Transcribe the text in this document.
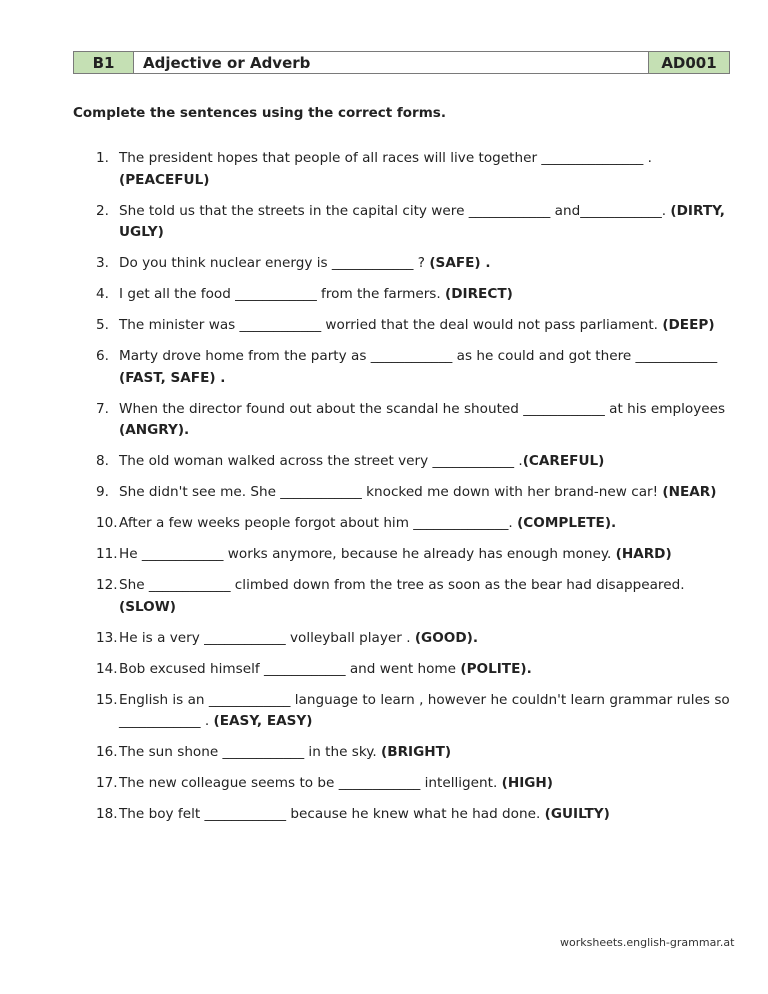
B1	Adjective or Adverb	AD001
Complete the sentences using the correct forms.
1. The president hopes that people of all races will live together _______________ . (PEACEFUL)
2. She told us that the streets in the capital city were ____________ and____________. (DIRTY, UGLY)
3. Do you think nuclear energy is ____________ ? (SAFE) .
4. I get all the food ____________ from the farmers. (DIRECT)
5. The minister was ____________ worried that the deal would not pass parliament. (DEEP)
6. Marty drove home from the party as ____________ as he could and got there ____________ (FAST, SAFE) .
7. When the director found out about the scandal he shouted ____________ at his employees (ANGRY).
8. The old woman walked across the street very ____________ .(CAREFUL)
9. She didn't see me. She ____________ knocked me down with her brand-new car! (NEAR)
10. After a few weeks people forgot about him ______________. (COMPLETE).
11. He ____________ works anymore, because he already has enough money. (HARD)
12. She ____________ climbed down from the tree as soon as the bear had disappeared. (SLOW)
13. He is a very ____________ volleyball player . (GOOD).
14. Bob excused himself ____________ and went home (POLITE).
15. English is an ____________ language to learn , however he couldn't learn grammar rules so ____________ . (EASY, EASY)
16. The sun shone ____________ in the sky. (BRIGHT)
17. The new colleague seems to be ____________ intelligent. (HIGH)
18. The boy felt ____________ because he knew what he had done. (GUILTY)
worksheets.english-grammar.at
